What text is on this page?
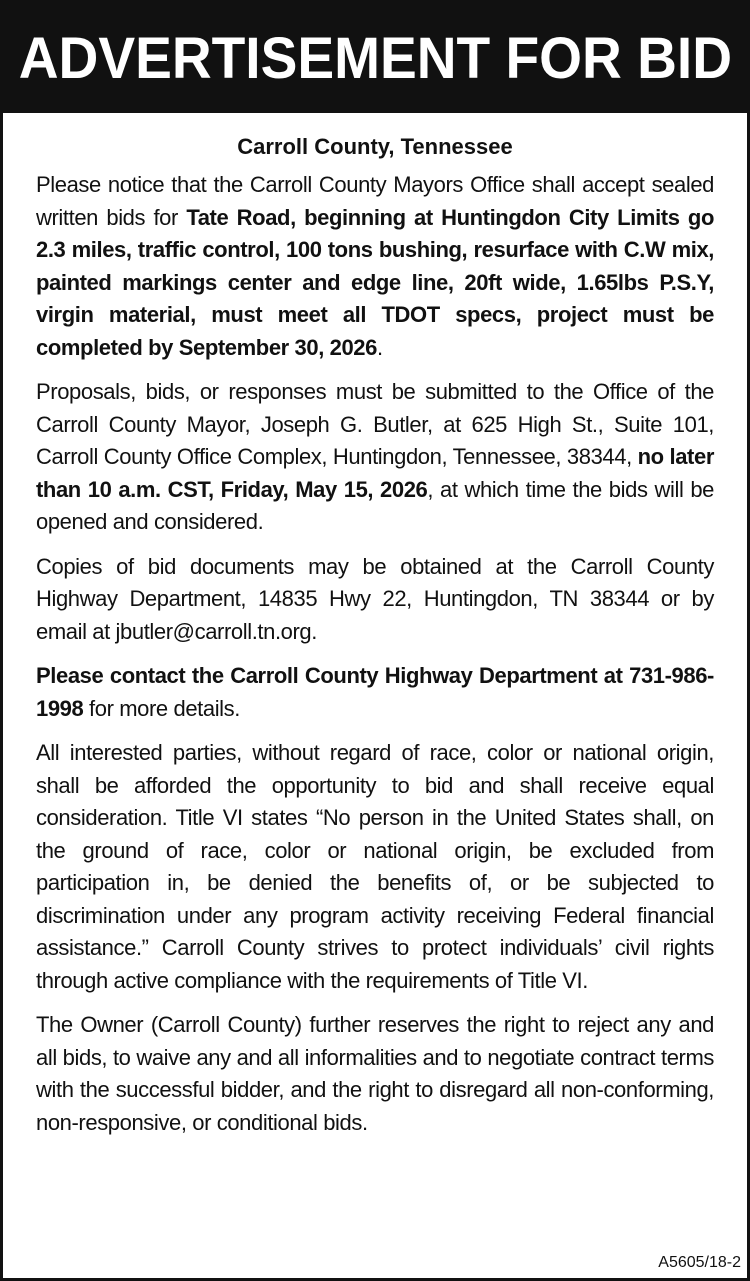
ADVERTISEMENT FOR BID
Carroll County, Tennessee

Please notice that the Carroll County Mayors Office shall accept sealed written bids for Tate Road, beginning at Huntingdon City Limits go 2.3 miles, traffic control, 100 tons bushing, resurface with C.W mix, painted markings center and edge line, 20ft wide, 1.65lbs P.S.Y, virgin material, must meet all TDOT specs, project must be completed by September 30, 2026.

Proposals, bids, or responses must be submitted to the Office of the Carroll County Mayor, Joseph G. Butler, at 625 High St., Suite 101, Carroll County Office Complex, Huntingdon, Tennessee, 38344, no later than 10 a.m. CST, Friday, May 15, 2026, at which time the bids will be opened and considered.

Copies of bid documents may be obtained at the Carroll County Highway Department, 14835 Hwy 22, Huntingdon, TN 38344 or by email at jbutler@carroll.tn.org.

Please contact the Carroll County Highway Department at 731-986-1998 for more details.

All interested parties, without regard of race, color or national origin, shall be afforded the opportunity to bid and shall receive equal consideration. Title VI states “No person in the United States shall, on the ground of race, color or national origin, be excluded from participation in, be denied the benefits of, or be subjected to discrimination under any program activity receiving Federal financial assistance.” Carroll County strives to protect individuals’ civil rights through active compliance with the requirements of Title VI.

The Owner (Carroll County) further reserves the right to reject any and all bids, to waive any and all informalities and to negotiate contract terms with the successful bidder, and the right to disregard all non-conforming, non-responsive, or conditional bids.

A5605/18-2
